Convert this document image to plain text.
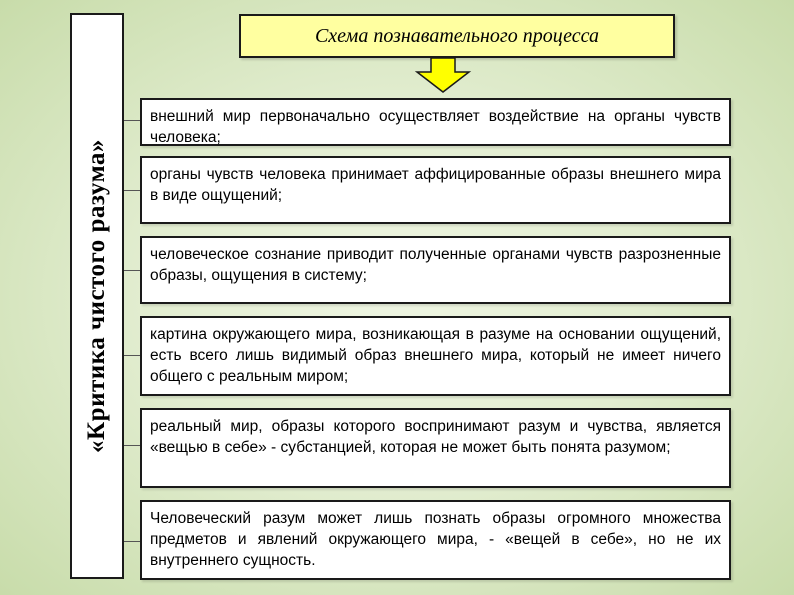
«Критика чистого разума»
Схема познавательного процесса
внешний мир первоначально осуществляет воздействие на органы чувств человека;
органы чувств человека принимает аффицированные образы внешнего мира в виде ощущений;
человеческое сознание приводит полученные органами чувств разрозненные образы, ощущения в систему;
картина окружающего мира, возникающая в разуме на основании ощущений, есть всего лишь видимый образ внешнего мира, который не имеет ничего общего с реальным миром;
реальный мир, образы которого воспринимают разум и чувства, является «вещью в себе» - субстанцией, которая не может быть понята разумом;
Человеческий разум может лишь познать образы огромного множества предметов и явлений окружающего мира, - «вещей в себе», но не их внутреннего сущность.
